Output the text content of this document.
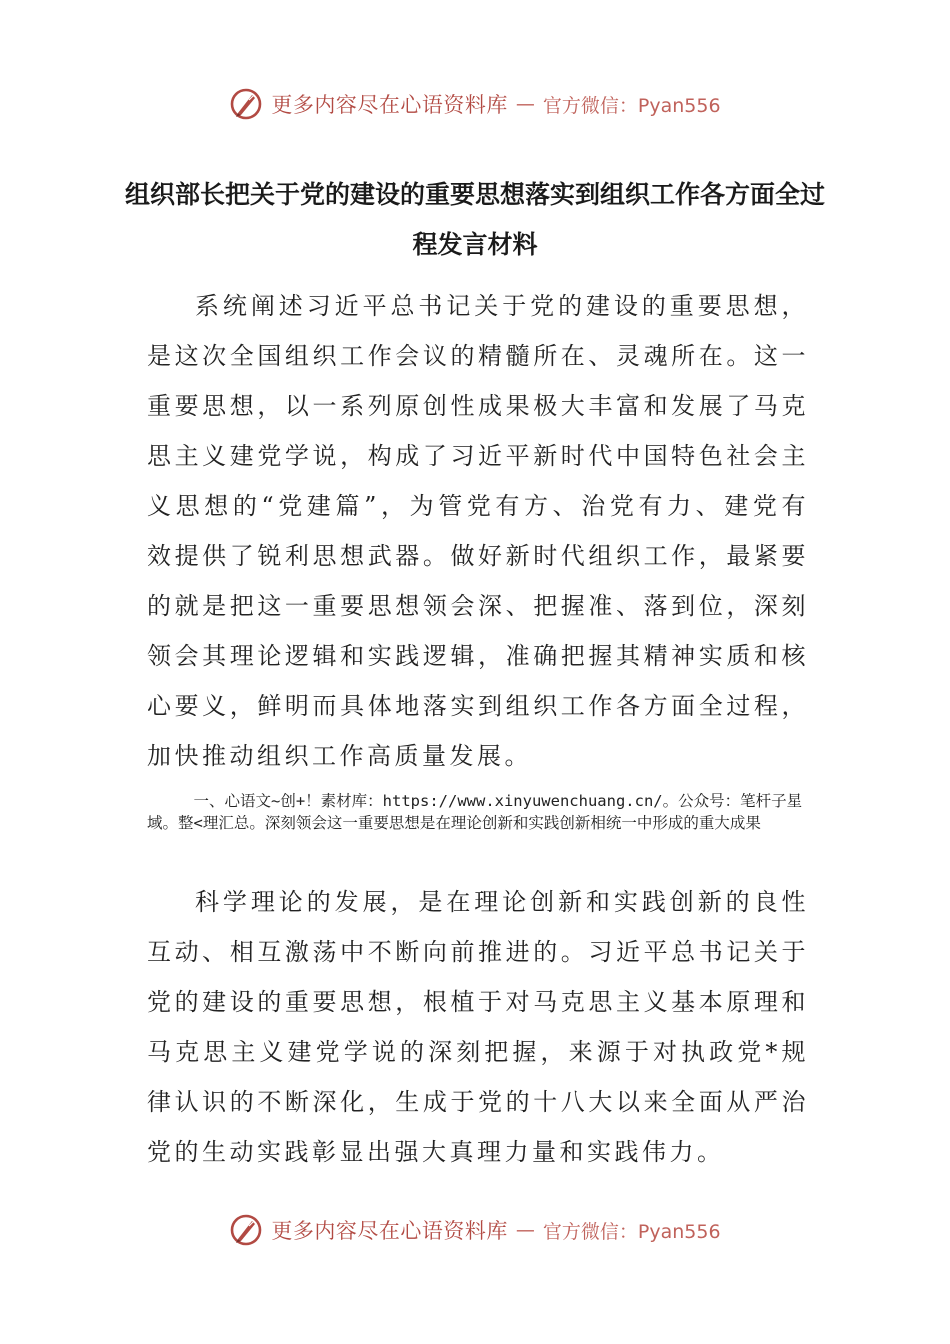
更多内容尽在心语资料库 — 官方微信：Pyan556
组织部长把关于党的建设的重要思想落实到组织工作各方面全过程发言材料

系统阐述习近平总书记关于党的建设的重要思想，是这次全国组织工作会议的精髓所在、灵魂所在。这一重要思想，以一系列原创性成果极大丰富和发展了马克思主义建党学说，构成了习近平新时代中国特色社会主义思想的“党建篇”，为管党有方、治党有力、建党有效提供了锐利思想武器。做好新时代组织工作，最紧要的就是把这一重要思想领会深、把握准、落到位，深刻领会其理论逻辑和实践逻辑，准确把握其精神实质和核心要义，鲜明而具体地落实到组织工作各方面全过程，加快推动组织工作高质量发展。

一、心语文~创+！素材库：https://www.xinyuwenchuang.cn/。公众号：笔杆子星域。整<理汇总。深刻领会这一重要思想是在理论创新和实践创新相统一中形成的重大成果

科学理论的发展，是在理论创新和实践创新的良性互动、相互激荡中不断向前推进的。习近平总书记关于党的建设的重要思想，根植于对马克思主义基本原理和马克思主义建党学说的深刻把握，来源于对执政党*规律认识的不断深化，生成于党的十八大以来全面从严治党的生动实践彰显出强大真理力量和实践伟力。

更多内容尽在心语资料库 — 官方微信：Pyan556
